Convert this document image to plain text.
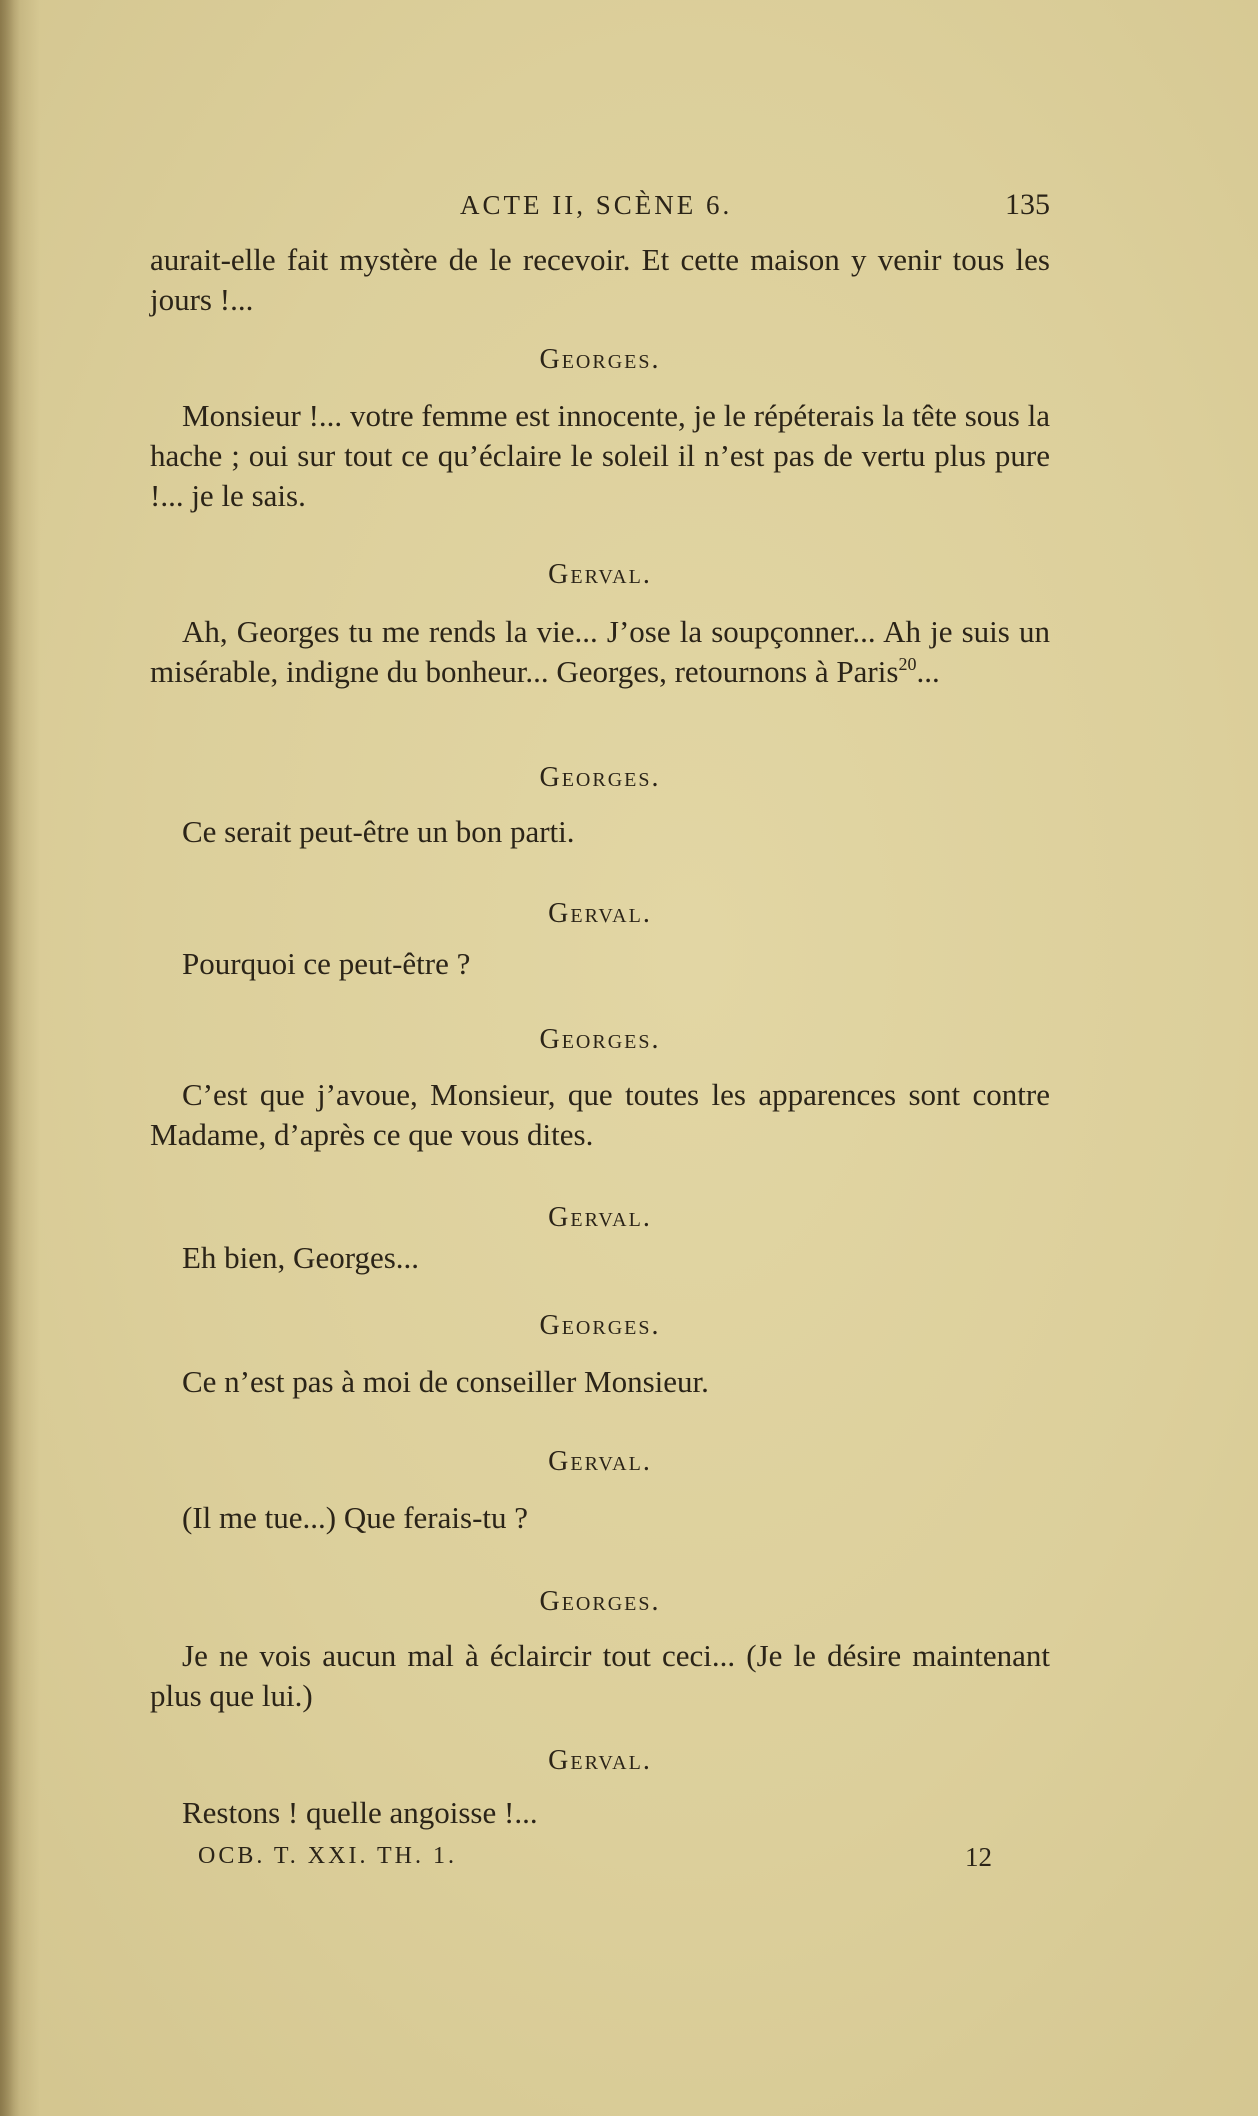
ACTE II, SCÈNE 6.	135

aurait-elle fait mystère de le recevoir. Et cette maison y venir tous les jours !...

Georges.

Monsieur !... votre femme est innocente, je le répéterais la tête sous la hache ; oui sur tout ce qu’éclaire le soleil il n’est pas de vertu plus pure !... je le sais.

Gerval.

Ah, Georges tu me rends la vie... J’ose la soupçonner... Ah je suis un misérable, indigne du bonheur... Georges, retournons à Paris$^{20}$...

Georges.

Ce serait peut-être un bon parti.

Gerval.

Pourquoi ce peut-être ?

Georges.

C’est que j’avoue, Monsieur, que toutes les apparences sont contre Madame, d’après ce que vous dites.

Gerval.

Eh bien, Georges...

Georges.

Ce n’est pas à moi de conseiller Monsieur.

Gerval.

(Il me tue...) Que ferais-tu ?

Georges.

Je ne vois aucun mal à éclaircir tout ceci... (Je le désire maintenant plus que lui.)

Gerval.

Restons ! quelle angoisse !...

OCB. T. XXI. TH. 1.	12
